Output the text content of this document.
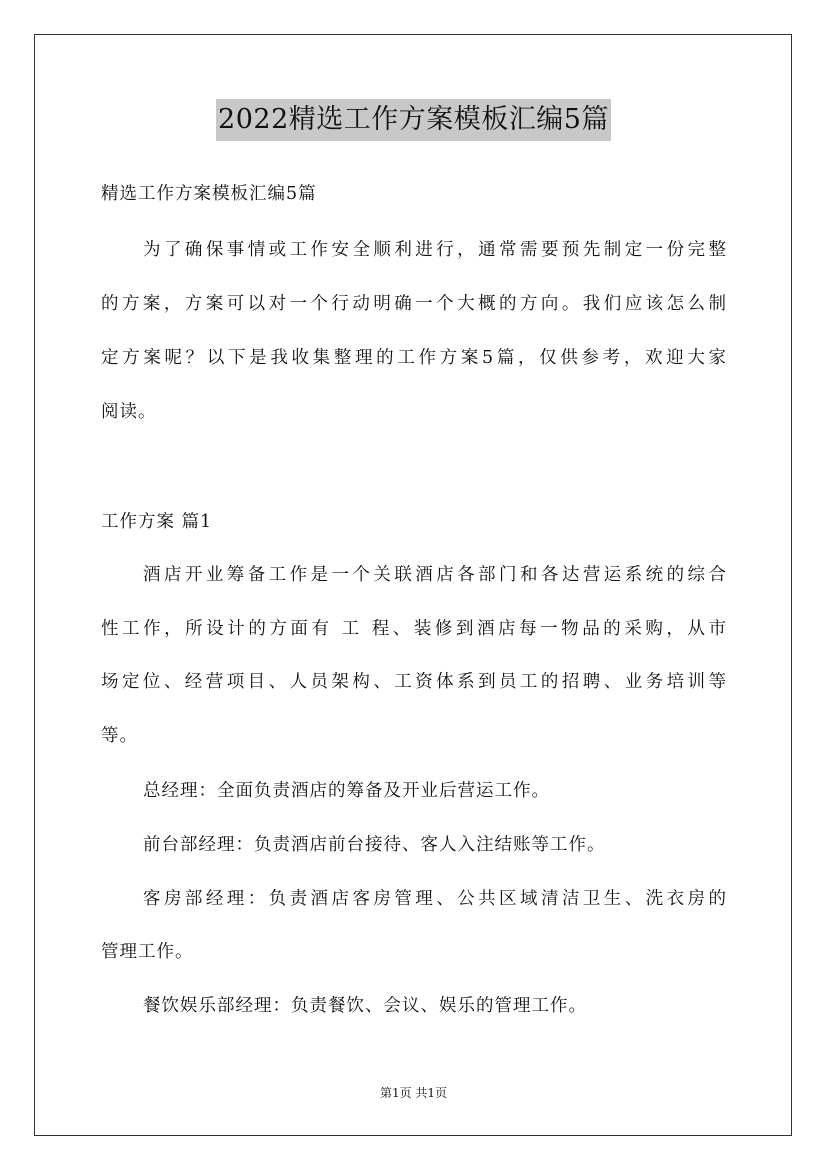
2022精选工作方案模板汇编5篇
精选工作方案模板汇编5篇
为了确保事情或工作安全顺利进行，通常需要预先制定一份完整
的方案，方案可以对一个行动明确一个大概的方向。我们应该怎么制
定方案呢？以下是我收集整理的工作方案5篇，仅供参考，欢迎大家
阅读。
工作方案 篇1
酒店开业筹备工作是一个关联酒店各部门和各达营运系统的综合
性工作，所设计的方面有 工 程、装修到酒店每一物品的采购，从市
场定位、经营项目、人员架构、工资体系到员工的招聘、业务培训等
等。
总经理：全面负责酒店的筹备及开业后营运工作。
前台部经理：负责酒店前台接待、客人入注结账等工作。
客房部经理：负责酒店客房管理、公共区域清洁卫生、洗衣房的
管理工作。
餐饮娱乐部经理：负责餐饮、会议、娱乐的管理工作。
第1页 共1页
